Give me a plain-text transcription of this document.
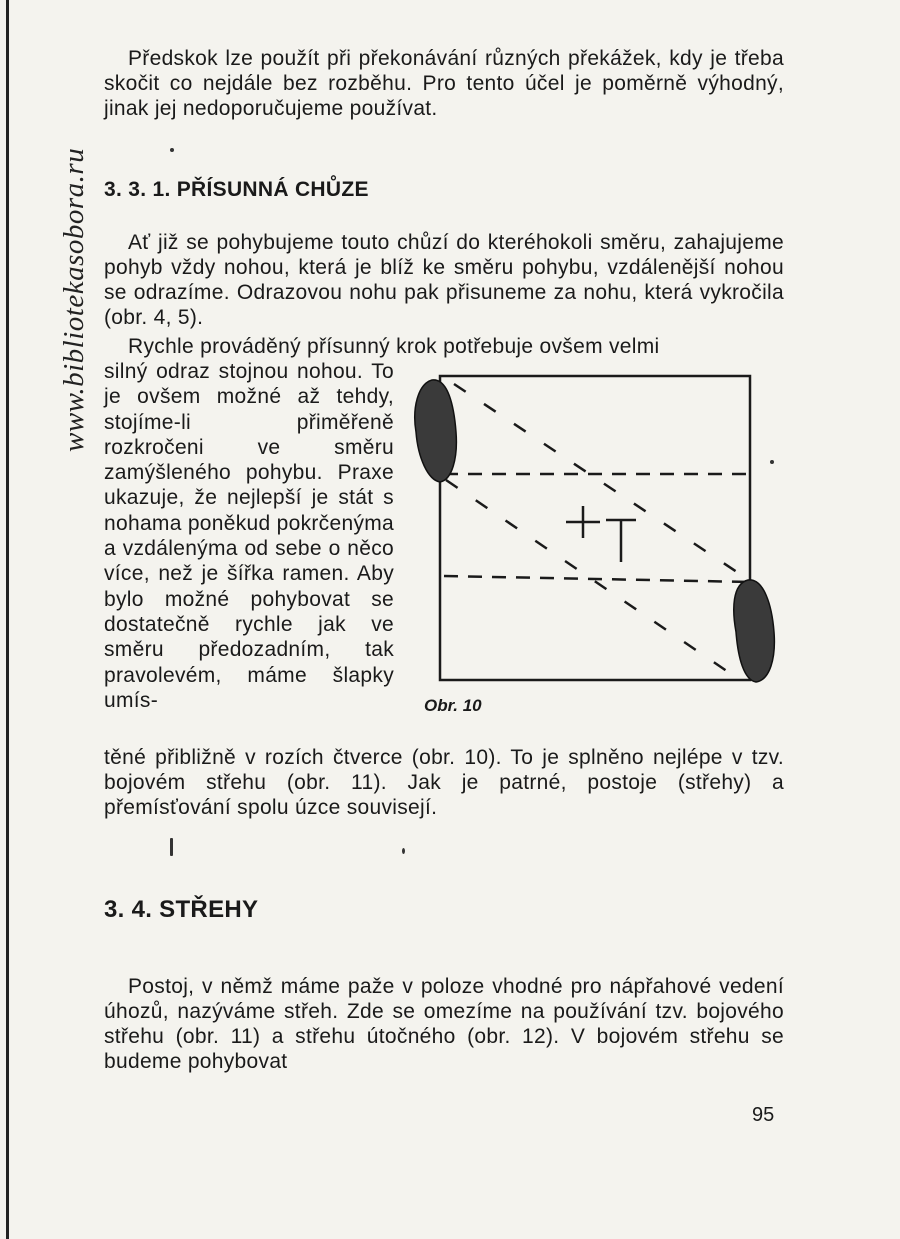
www.bibliotekasobora.ru

Předskok lze použít při překonávání různých překážek, kdy je třeba skočit co nejdále bez rozběhu. Pro tento účel je poměrně výhodný, jinak jej nedoporučujeme používat.

3. 3. 1. PŘÍSUNNÁ CHŮZE

Ať již se pohybujeme touto chůzí do kteréhokoli směru, zahajujeme pohyb vždy nohou, která je blíž ke směru pohybu, vzdálenější nohou se odrazíme. Odrazovou nohu pak přisuneme za nohu, která vykročila (obr. 4, 5).

Rychle prováděný přísunný krok potřebuje ovšem velmi

silný odraz stojnou nohou. To je ovšem možné až tehdy, stojíme-li přiměřeně rozkročeni ve směru zamýšleného pohybu. Praxe ukazuje, že nejlepší je stát s nohama poněkud pokrčenýma a vzdálenýma od sebe o něco více, než je šířka ramen. Aby bylo možné pohybovat se dostatečně rychle jak ve směru předozadním, tak pravolevém, máme šlapky umís-

těné přibližně v rozích čtverce (obr. 10). To je splněno nejlépe v tzv. bojovém střehu (obr. 11). Jak je patrné, postoje (střehy) a přemísťování spolu úzce souvisejí.

Obr. 10
3. 4. STŘEHY

Postoj, v němž máme paže v poloze vhodné pro nápřahové vedení úhozů, nazýváme střeh. Zde se omezíme na používání tzv. bojového střehu (obr. 11) a střehu útočného (obr. 12). V bojovém střehu se budeme pohybovat

95
